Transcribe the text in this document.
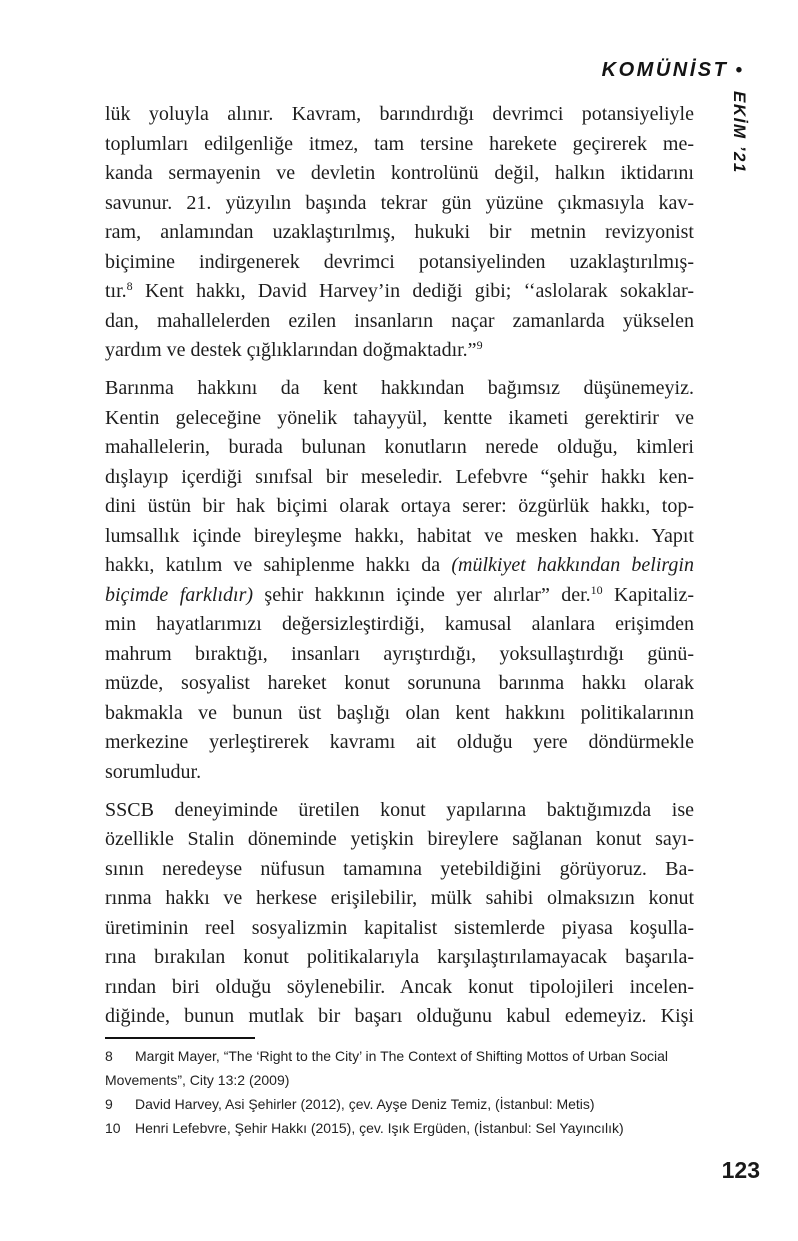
KOMÜNİST •
EKİM ’21
lük yoluyla alınır. Kavram, barındırdığı devrimci potansiyeliyle
toplumları edilgenliğe itmez, tam tersine harekete geçirerek me-
kanda sermayenin ve devletin kontrolünü değil, halkın iktidarını
savunur. 21. yüzyılın başında tekrar gün yüzüne çıkmasıyla kav-
ram, anlamından uzaklaştırılmış, hukuki bir metnin revizyonist
biçimine indirgenerek devrimci potansiyelinden uzaklaştırılmış-
tır.$^8$ Kent hakkı, David Harvey’in dediği gibi; ‘‘aslolarak sokaklar-
dan, mahallelerden ezilen insanların naçar zamanlarda yükselen
yardım ve destek çığlıklarından doğmaktadır.”$^9$
Barınma hakkını da kent hakkından bağımsız düşünemeyiz.
Kentin geleceğine yönelik tahayyül, kentte ikameti gerektirir ve
mahallelerin, burada bulunan konutların nerede olduğu, kimleri
dışlayıp içerdiği sınıfsal bir meseledir. Lefebvre “şehir hakkı ken-
dini üstün bir hak biçimi olarak ortaya serer: özgürlük hakkı, top-
lumsallık içinde bireyleşme hakkı, habitat ve mesken hakkı. Yapıt
hakkı, katılım ve sahiplenme hakkı da (mülkiyet hakkından belirgin
biçimde farklıdır) şehir hakkının içinde yer alırlar” der.$^{10}$ Kapitaliz-
min hayatlarımızı değersizleştirdiği, kamusal alanlara erişimden
mahrum bıraktığı, insanları ayrıştırdığı, yoksullaştırdığı günü-
müzde, sosyalist hareket konut sorununa barınma hakkı olarak
bakmakla ve bunun üst başlığı olan kent hakkını politikalarının
merkezine yerleştirerek kavramı ait olduğu yere döndürmekle
sorumludur.
SSCB deneyiminde üretilen konut yapılarına baktığımızda ise
özellikle Stalin döneminde yetişkin bireylere sağlanan konut sayı-
sının neredeyse nüfusun tamamına yetebildiğini görüyoruz. Ba-
rınma hakkı ve herkese erişilebilir, mülk sahibi olmaksızın konut
üretiminin reel sosyalizmin kapitalist sistemlerde piyasa koşulla-
rına bırakılan konut politikalarıyla karşılaştırılamayacak başarıla-
rından biri olduğu söylenebilir. Ancak konut tipolojileri incelen-
diğinde, bunun mutlak bir başarı olduğunu kabul edemeyiz. Kişi
8 Margit Mayer, “The ‘Right to the City’ in The Context of Shifting Mottos of Urban Social Movements”, City 13:2 (2009)
9 David Harvey, Asi Şehirler (2012), çev. Ayşe Deniz Temiz, (İstanbul: Metis)
10 Henri Lefebvre, Şehir Hakkı (2015), çev. Işık Ergüden, (İstanbul: Sel Yayıncılık)
123
